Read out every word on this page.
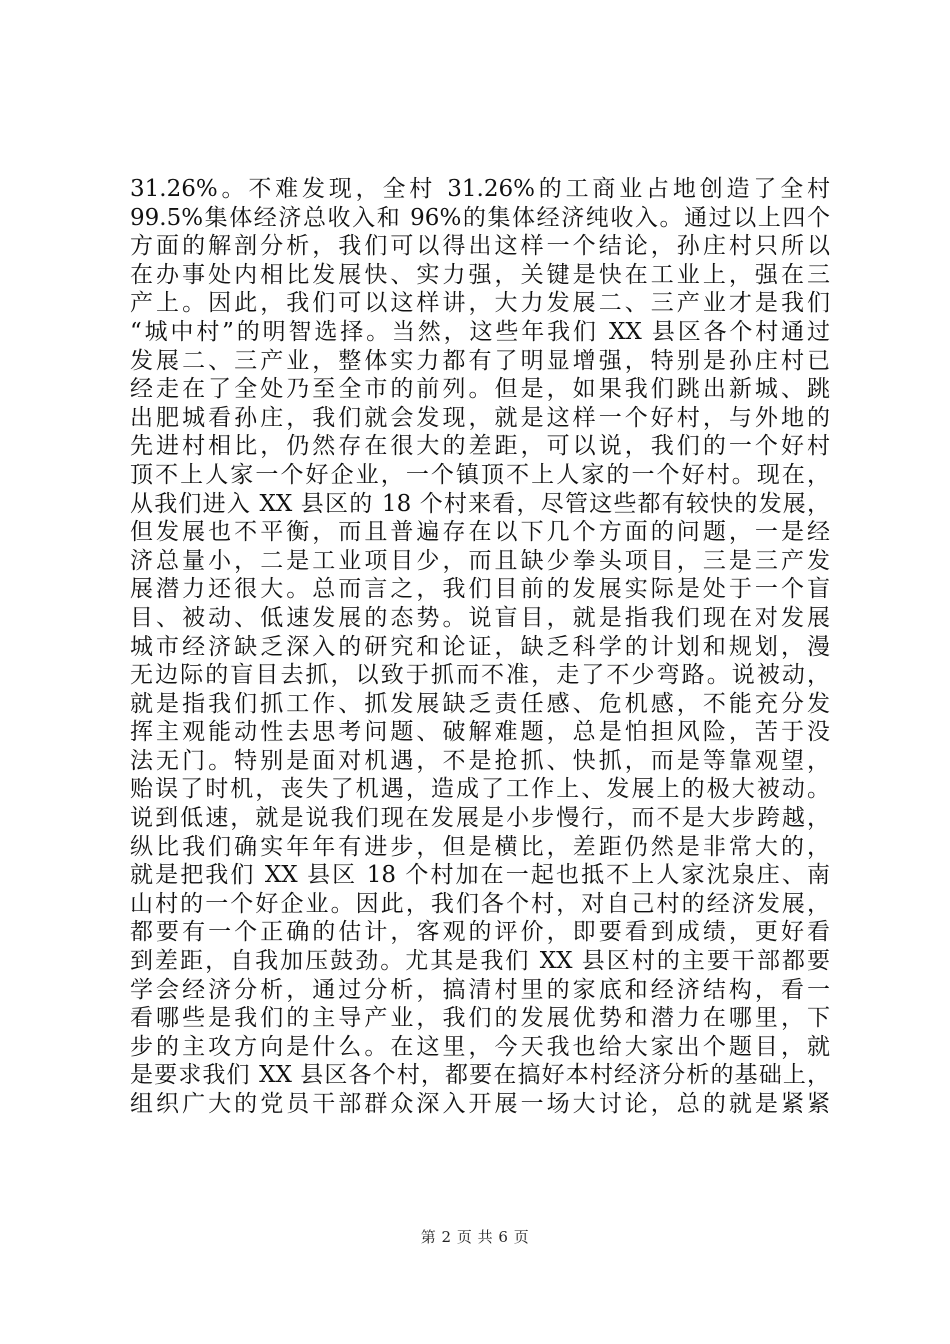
31.26%。不难发现，全村 31.26%的工商业占地创造了全村
99.5%集体经济总收入和 96%的集体经济纯收入。通过以上四个
方面的解剖分析，我们可以得出这样一个结论，孙庄村只所以
在办事处内相比发展快、实力强，关键是快在工业上，强在三
产上。因此，我们可以这样讲，大力发展二、三产业才是我们
“城中村”的明智选择。当然，这些年我们 XX 县区各个村通过
发展二、三产业，整体实力都有了明显增强，特别是孙庄村已
经走在了全处乃至全市的前列。但是，如果我们跳出新城、跳
出肥城看孙庄，我们就会发现，就是这样一个好村，与外地的
先进村相比，仍然存在很大的差距，可以说，我们的一个好村
顶不上人家一个好企业，一个镇顶不上人家的一个好村。现在，
从我们进入 XX 县区的 18 个村来看，尽管这些都有较快的发展，
但发展也不平衡，而且普遍存在以下几个方面的问题，一是经
济总量小，二是工业项目少，而且缺少拳头项目，三是三产发
展潜力还很大。总而言之，我们目前的发展实际是处于一个盲
目、被动、低速发展的态势。说盲目，就是指我们现在对发展
城市经济缺乏深入的研究和论证，缺乏科学的计划和规划，漫
无边际的盲目去抓，以致于抓而不准，走了不少弯路。说被动，
就是指我们抓工作、抓发展缺乏责任感、危机感，不能充分发
挥主观能动性去思考问题、破解难题，总是怕担风险，苦于没
法无门。特别是面对机遇，不是抢抓、快抓，而是等靠观望，
贻误了时机，丧失了机遇，造成了工作上、发展上的极大被动。
说到低速，就是说我们现在发展是小步慢行，而不是大步跨越，
纵比我们确实年年有进步，但是横比，差距仍然是非常大的，
就是把我们 XX 县区 18 个村加在一起也抵不上人家沈泉庄、南
山村的一个好企业。因此，我们各个村，对自己村的经济发展，
都要有一个正确的估计，客观的评价，即要看到成绩，更好看
到差距，自我加压鼓劲。尤其是我们 XX 县区村的主要干部都要
学会经济分析，通过分析，搞清村里的家底和经济结构，看一
看哪些是我们的主导产业，我们的发展优势和潜力在哪里，下
步的主攻方向是什么。在这里，今天我也给大家出个题目，就
是要求我们 XX 县区各个村，都要在搞好本村经济分析的基础上，
组织广大的党员干部群众深入开展一场大讨论，总的就是紧紧
第 2 页 共 6 页
